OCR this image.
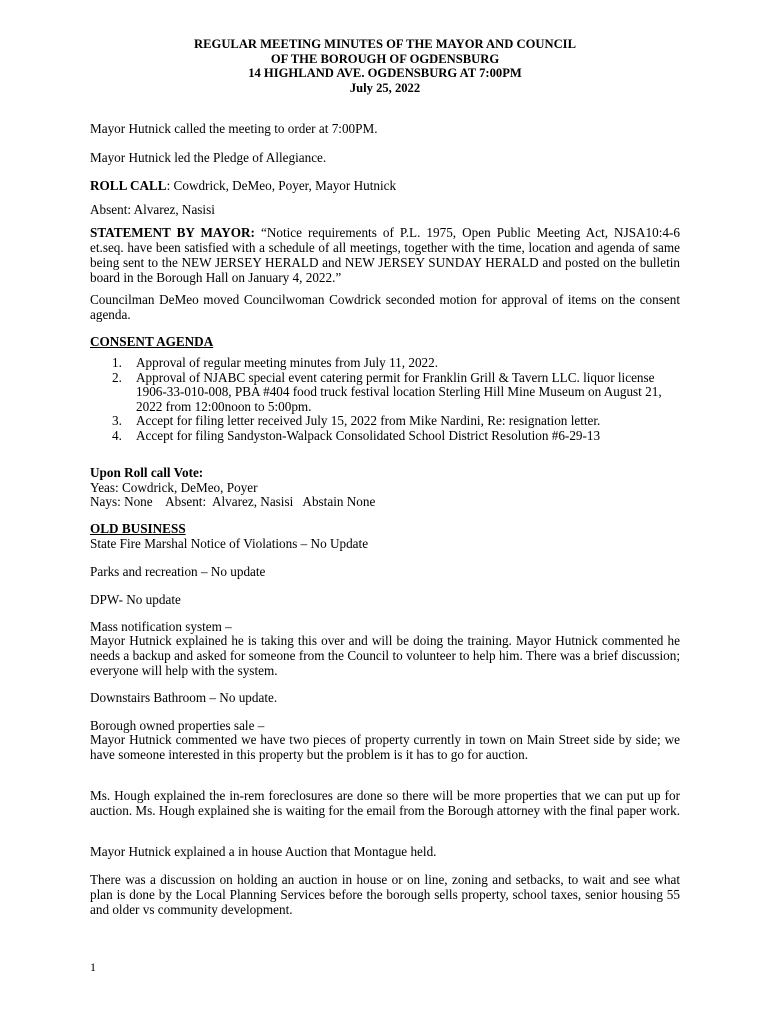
REGULAR MEETING MINUTES OF THE MAYOR AND COUNCIL
OF THE BOROUGH OF OGDENSBURG
14 HIGHLAND AVE. OGDENSBURG AT 7:00PM
July 25, 2022
Mayor Hutnick called the meeting to order at 7:00PM.
Mayor Hutnick led the Pledge of Allegiance.
ROLL CALL: Cowdrick, DeMeo, Poyer, Mayor Hutnick
Absent: Alvarez, Nasisi
STATEMENT BY MAYOR: “Notice requirements of P.L. 1975, Open Public Meeting Act, NJSA10:4-6 et.seq. have been satisfied with a schedule of all meetings, together with the time, location and agenda of same being sent to the NEW JERSEY HERALD and NEW JERSEY SUNDAY HERALD and posted on the bulletin board in the Borough Hall on January 4, 2022.”
Councilman DeMeo moved Councilwoman Cowdrick seconded motion for approval of items on the consent agenda.
CONSENT AGENDA
1. Approval of regular meeting minutes from July 11, 2022.
2. Approval of NJABC special event catering permit for Franklin Grill & Tavern LLC. liquor license 1906-33-010-008, PBA #404 food truck festival location Sterling Hill Mine Museum on August 21, 2022 from 12:00noon to 5:00pm.
3. Accept for filing letter received July 15, 2022 from Mike Nardini, Re: resignation letter.
4. Accept for filing Sandyston-Walpack Consolidated School District Resolution #6-29-13
Upon Roll call Vote:
Yeas: Cowdrick, DeMeo, Poyer
Nays: None    Absent:  Alvarez, Nasisi   Abstain None
OLD BUSINESS
State Fire Marshal Notice of Violations – No Update
Parks and recreation – No update
DPW- No update
Mass notification system –
Mayor Hutnick explained he is taking this over and will be doing the training. Mayor Hutnick commented he needs a backup and asked for someone from the Council to volunteer to help him. There was a brief discussion; everyone will help with the system.
Downstairs Bathroom – No update.
Borough owned properties sale –
Mayor Hutnick commented we have two pieces of property currently in town on Main Street side by side; we have someone interested in this property but the problem is it has to go for auction.
Ms. Hough explained the in-rem foreclosures are done so there will be more properties that we can put up for auction. Ms. Hough explained she is waiting for the email from the Borough attorney with the final paper work.
Mayor Hutnick explained a in house Auction that Montague held.
There was a discussion on holding an auction in house or on line, zoning and setbacks, to wait and see what plan is done by the Local Planning Services before the borough sells property, school taxes, senior housing 55 and older vs community development.
1
